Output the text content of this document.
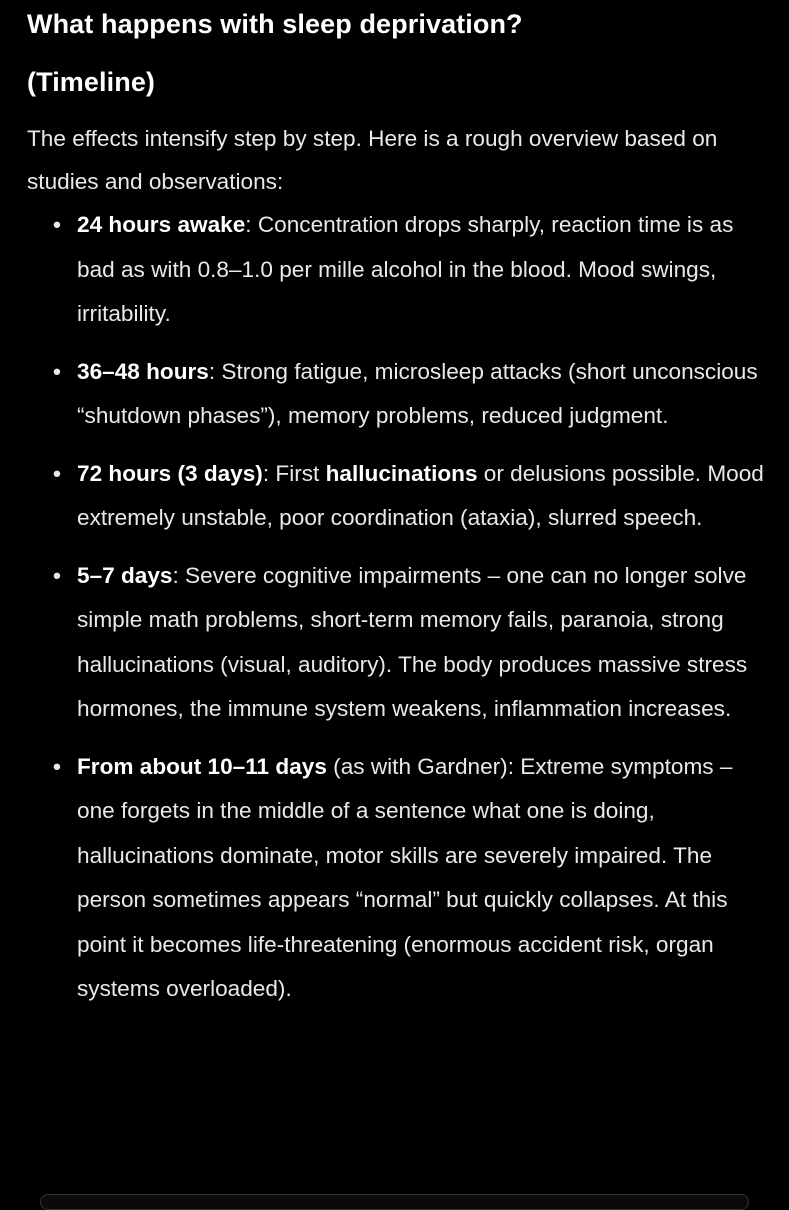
What happens with sleep deprivation?
(Timeline)

The effects intensify step by step. Here is a rough overview based on studies and observations:

• 24 hours awake: Concentration drops sharply, reaction time is as bad as with 0.8–1.0 per mille alcohol in the blood. Mood swings, irritability.
• 36–48 hours: Strong fatigue, microsleep attacks (short unconscious “shutdown phases”), memory problems, reduced judgment.
• 72 hours (3 days): First hallucinations or delusions possible. Mood extremely unstable, poor coordination (ataxia), slurred speech.
• 5–7 days: Severe cognitive impairments – one can no longer solve simple math problems, short-term memory fails, paranoia, strong hallucinations (visual, auditory). The body produces massive stress hormones, the immune system weakens, inflammation increases.
• From about 10–11 days (as with Gardner): Extreme symptoms – one forgets in the middle of a sentence what one is doing, hallucinations dominate, motor skills are severely impaired. The person sometimes appears “normal” but quickly collapses. At this point it becomes life-threatening (enormous accident risk, organ systems overloaded).
